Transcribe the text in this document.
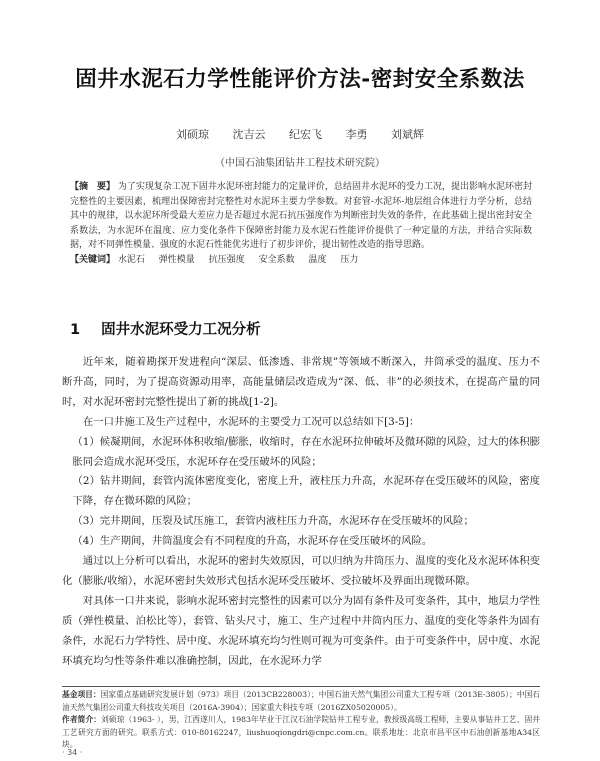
固井水泥石力学性能评价方法-密封安全系数法
刘硕琼 沈吉云 纪宏飞 李勇 刘斌辉
（中国石油集团钻井工程技术研究院）
【摘　要】 为了实现复杂工况下固井水泥环密封能力的定量评价，总结固井水泥环的受力工况，提出影响水泥环密封完整性的主要因素，梳理出保障密封完整性对水泥环主要力学参数。对套管-水泥环-地层组合体进行力学分析，总结其中的规律，以水泥环所受最大差应力是否超过水泥石抗压强度作为判断密封失效的条件，在此基础上提出密封安全系数法，为水泥环在温度、应力变化条件下保障密封能力及水泥石性能评价提供了一种定量的方法，并结合实际数据，对不同弹性模量、强度的水泥石性能优劣进行了初步评价，提出韧性改造的指导思路。
【关键词】 水泥石 弹性模量 抗压强度 安全系数 温度 压力
1 固井水泥环受力工况分析

近年来，随着勘探开发进程向“深层、低渗透、非常规”等领域不断深入，井筒承受的温度、压力不断升高，同时，为了提高资源动用率，高能量储层改造成为“深、低、非”的必须技术，在提高产量的同时，对水泥环密封完整性提出了新的挑战[1-2]。

在一口井施工及生产过程中，水泥环的主要受力工况可以总结如下[3-5]：

（1）候凝期间，水泥环体积收缩/膨胀，收缩时，存在水泥环拉伸破坏及微环隙的风险，过大的体积膨胀同会造成水泥环受压，水泥环存在受压破坏的风险；

（2）钻井期间，套管内流体密度变化，密度上升，液柱压力升高，水泥环存在受压破坏的风险，密度下降，存在微环隙的风险；

（3）完井期间，压裂及试压施工，套管内液柱压力升高，水泥环存在受压破坏的风险；

（4）生产期间，井筒温度会有不同程度的升高，水泥环存在受压破坏的风险。

通过以上分析可以看出，水泥环的密封失效原因，可以归纳为井筒压力、温度的变化及水泥环体积变化（膨胀/收缩），水泥环密封失效形式包括水泥环受压破坏、受拉破坏及界面出现微环隙。

对具体一口井来说，影响水泥环密封完整性的因素可以分为固有条件及可变条件，其中，地层力学性质（弹性模量、泊松比等），套管、钻头尺寸，施工、生产过程中井筒内压力、温度的变化等条件为固有条件，水泥石力学特性、居中度、水泥环填充均匀性则可视为可变条件。由于可变条件中，居中度、水泥环填充均匀性等条件难以准确控制，因此，在水泥环力学

基金项目：国家重点基础研究发展计划（973）项目（2013CB228003）；中国石油天然气集团公司重大工程专项（2013E-3805）；中国石油天然气集团公司重大科技攻关项目（2016A-3904）；国家重大科技专项（2016ZX05020005）。

作者简介：刘硕琼（1963- ），男，江西遂川人，1983年毕业于江汉石油学院钻井工程专业，教授级高级工程师，主要从事钻井工艺、固井工艺研究方面的研究。联系方式：010-80162247，liushuoqiongdri@cnpc.com.cn。联系地址：北京市昌平区中石油创新基地A34区块。

· 34 ·
